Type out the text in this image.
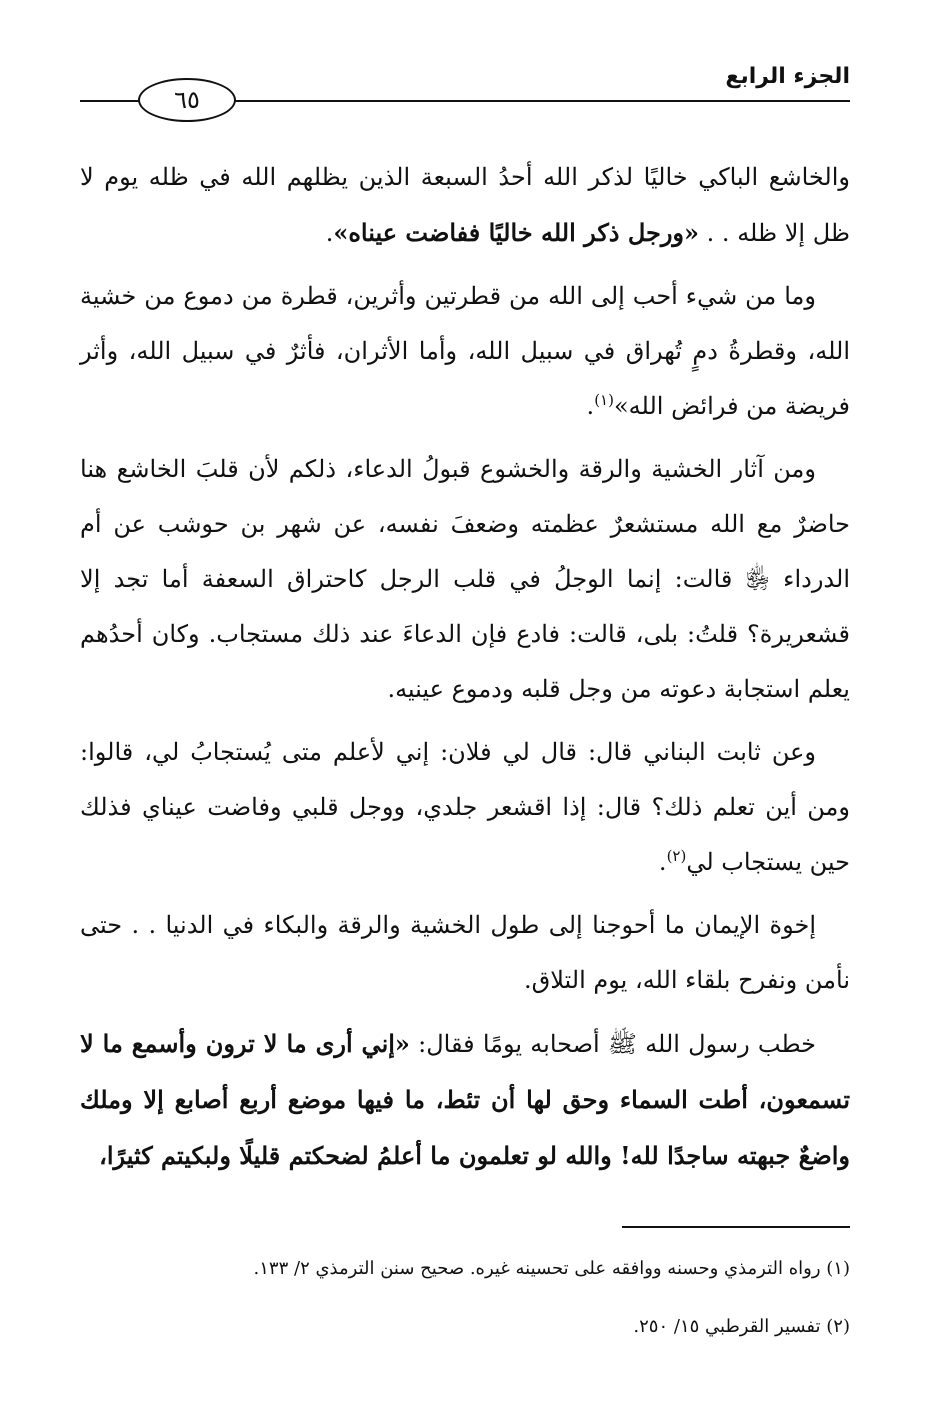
٦٥
الجزء الرابع

والخاشع الباكي خاليًا لذكر الله أحدُ السبعة الذين يظلهم الله في ظله يوم لا ظل إلا ظله . . «ورجل ذكر الله خاليًا ففاضت عيناه».

وما من شيء أحب إلى الله من قطرتين وأثرين، قطرة من دموع من خشية الله، وقطرةُ دمٍ تُهراق في سبيل الله، وأما الأثران، فأثرٌ في سبيل الله، وأثر فريضة من فرائض الله»$^{(١)}$.

ومن آثار الخشية والرقة والخشوع قبولُ الدعاء، ذلكم لأن قلبَ الخاشع هنا حاضرٌ مع الله مستشعرٌ عظمته وضعفَ نفسه، عن شهر بن حوشب عن أم الدرداء ﵂ قالت: إنما الوجلُ في قلب الرجل كاحتراق السعفة أما تجد إلا قشعريرة؟ قلتُ: بلى، قالت: فادع فإن الدعاءَ عند ذلك مستجاب. وكان أحدُهم يعلم استجابة دعوته من وجل قلبه ودموع عينيه.

وعن ثابت البناني قال: قال لي فلان: إني لأعلم متى يُستجابُ لي، قالوا: ومن أين تعلم ذلك؟ قال: إذا اقشعر جلدي، ووجل قلبي وفاضت عيناي فذلك حين يستجاب لي$^{(٢)}$.

إخوة الإيمان ما أحوجنا إلى طول الخشية والرقة والبكاء في الدنيا . . حتى نأمن ونفرح بلقاء الله، يوم التلاق.

خطب رسول الله ﷺ أصحابه يومًا فقال: «إني أرى ما لا ترون وأسمع ما لا تسمعون، أطت السماء وحق لها أن تئط، ما فيها موضع أربع أصابع إلا وملك واضعٌ جبهته ساجدًا لله! والله لو تعلمون ما أعلمُ لضحكتم قليلًا ولبكيتم كثيرًا،

(١) رواه الترمذي وحسنه ووافقه على تحسينه غيره. صحيح سنن الترمذي ٢/ ١٣٣.
(٢) تفسير القرطبي ١٥/ ٢٥٠.
